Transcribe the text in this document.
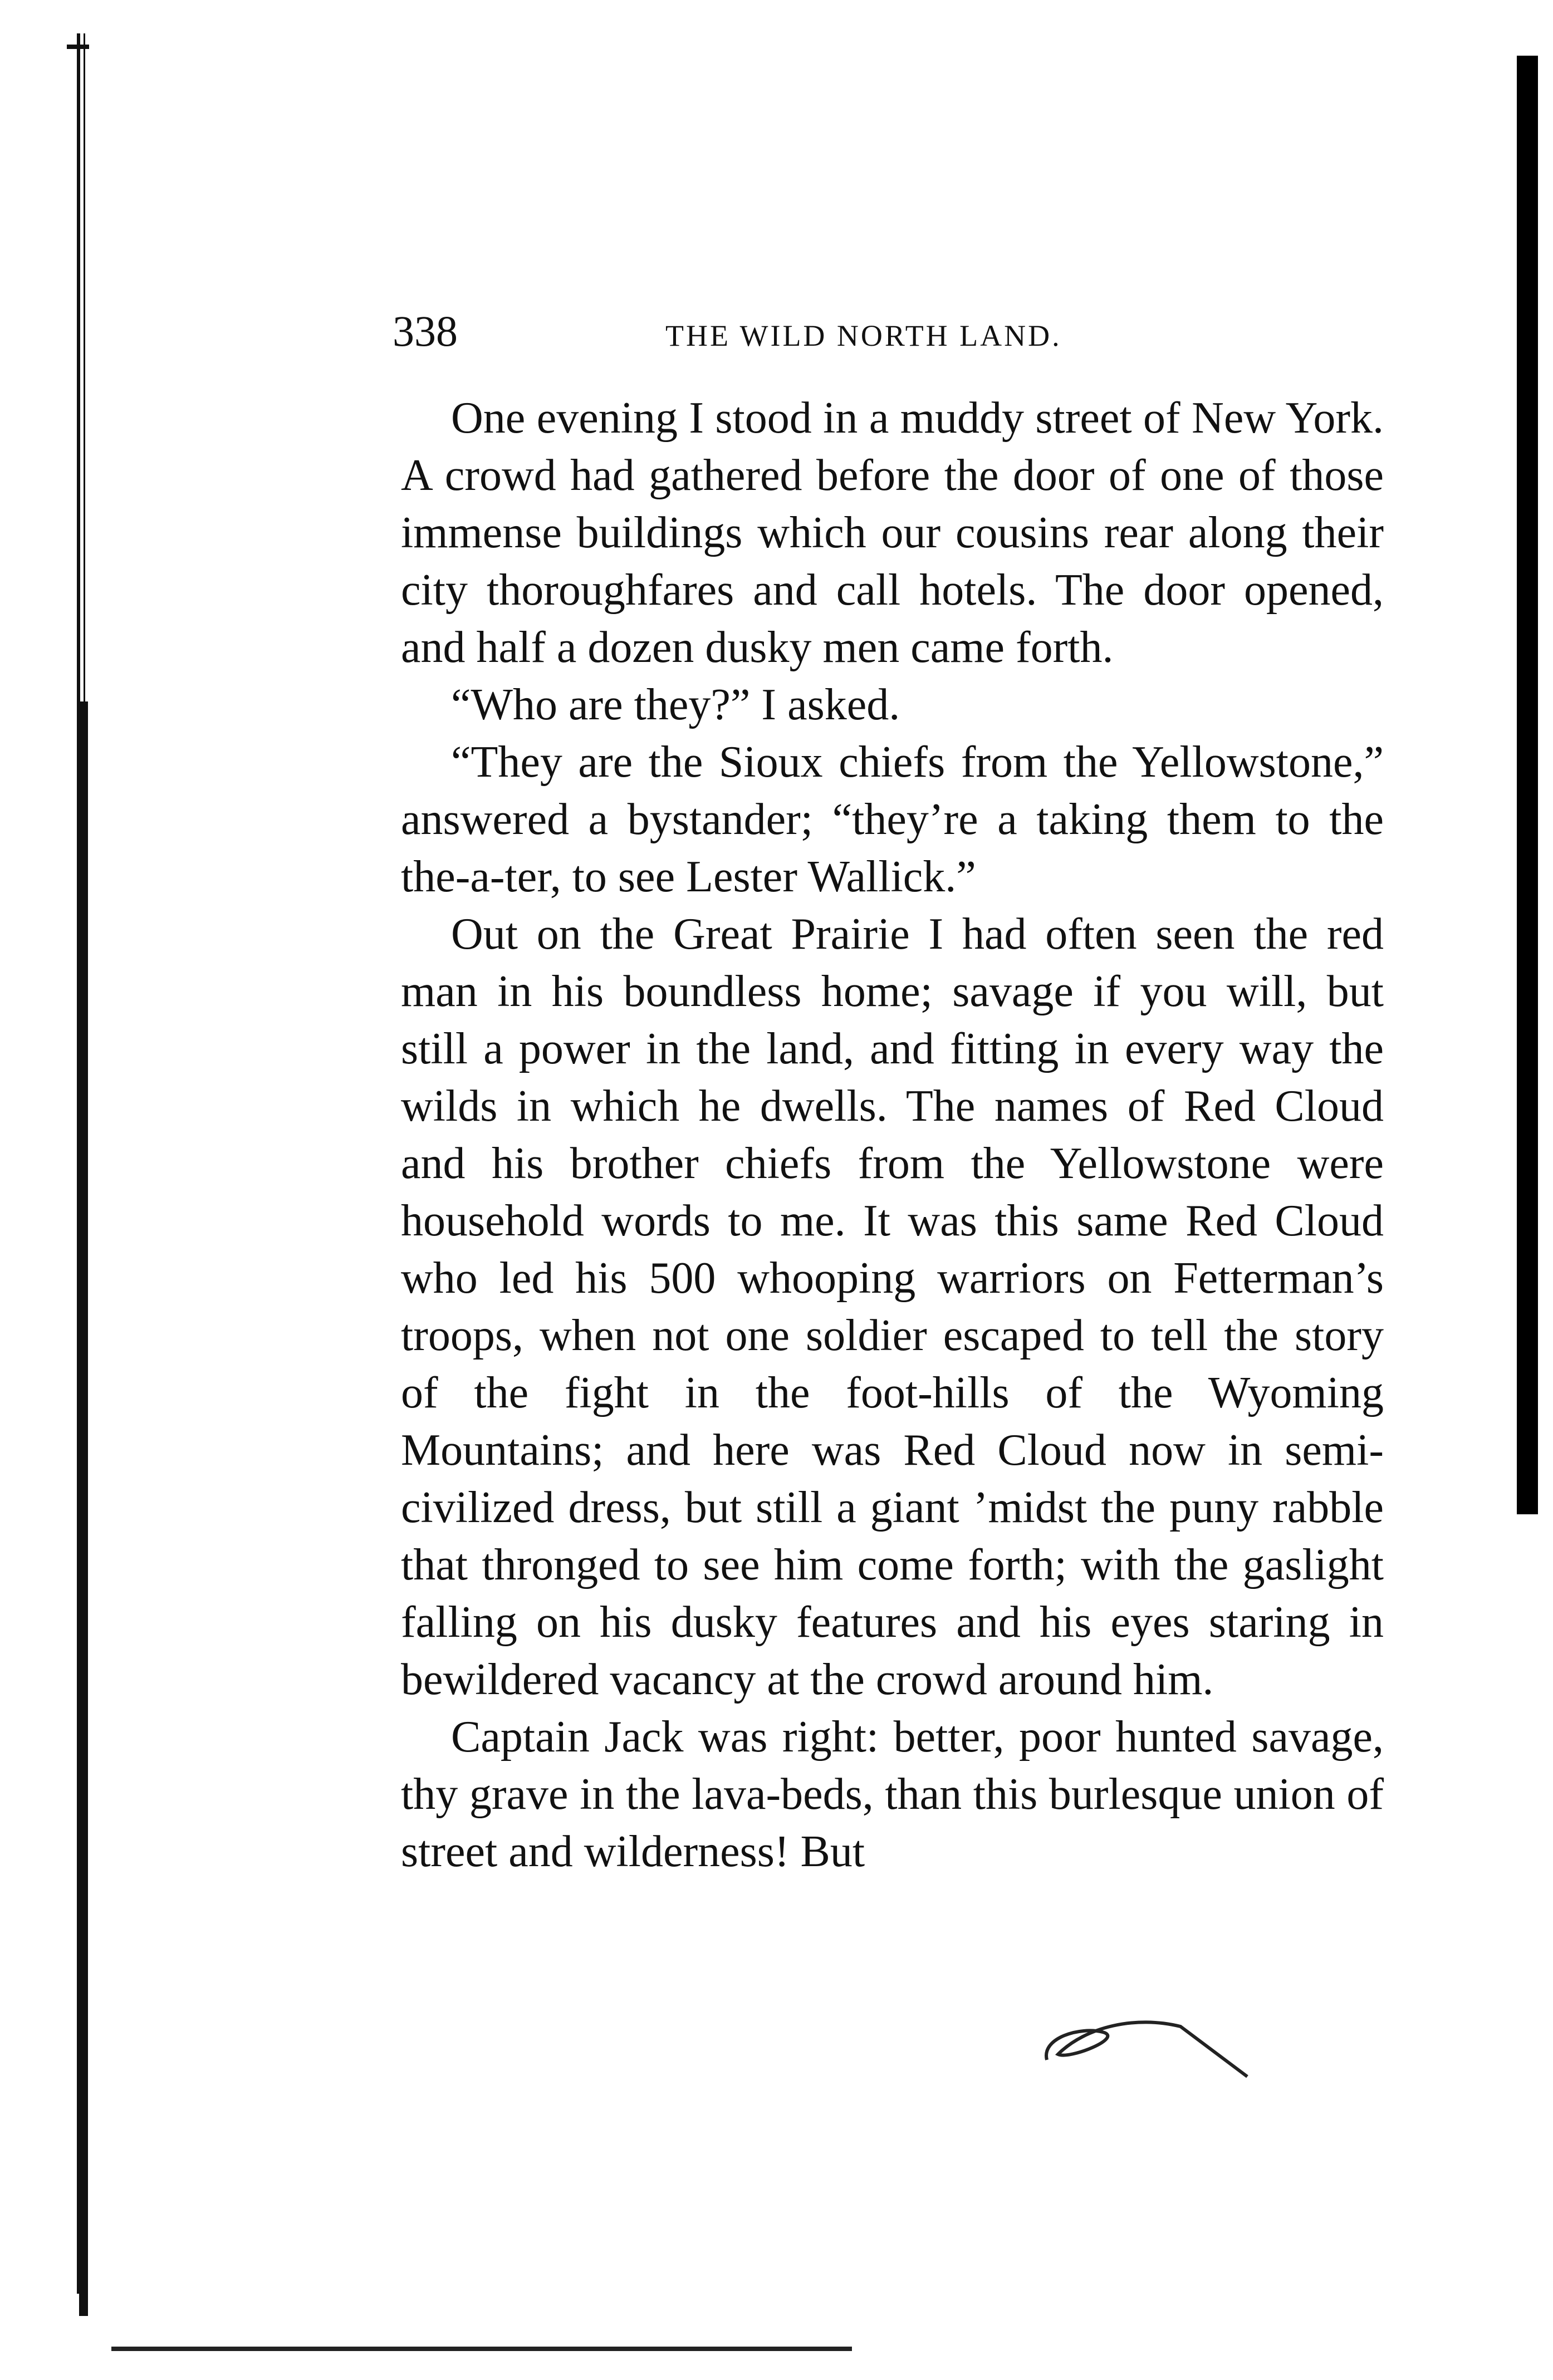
338	THE WILD NORTH LAND.

One evening I stood in a muddy street of New York. A crowd had gathered before the door of one of those immense buildings which our cousins rear along their city thoroughfares and call hotels. The door opened, and half a dozen dusky men came forth.

“Who are they?” I asked.

“They are the Sioux chiefs from the Yellowstone,” answered a bystander; “they’re a taking them to the the-a-ter, to see Lester Wallick.”

Out on the Great Prairie I had often seen the red man in his boundless home; savage if you will, but still a power in the land, and fitting in every way the wilds in which he dwells. The names of Red Cloud and his brother chiefs from the Yellowstone were household words to me. It was this same Red Cloud who led his 500 whooping warriors on Fetterman’s troops, when not one soldier escaped to tell the story of the fight in the foot-hills of the Wyoming Mountains; and here was Red Cloud now in semi-civilized dress, but still a giant ’midst the puny rabble that thronged to see him come forth; with the gaslight falling on his dusky features and his eyes staring in bewildered vacancy at the crowd around him.

Captain Jack was right: better, poor hunted savage, thy grave in the lava-beds, than this burlesque union of street and wilderness! But
